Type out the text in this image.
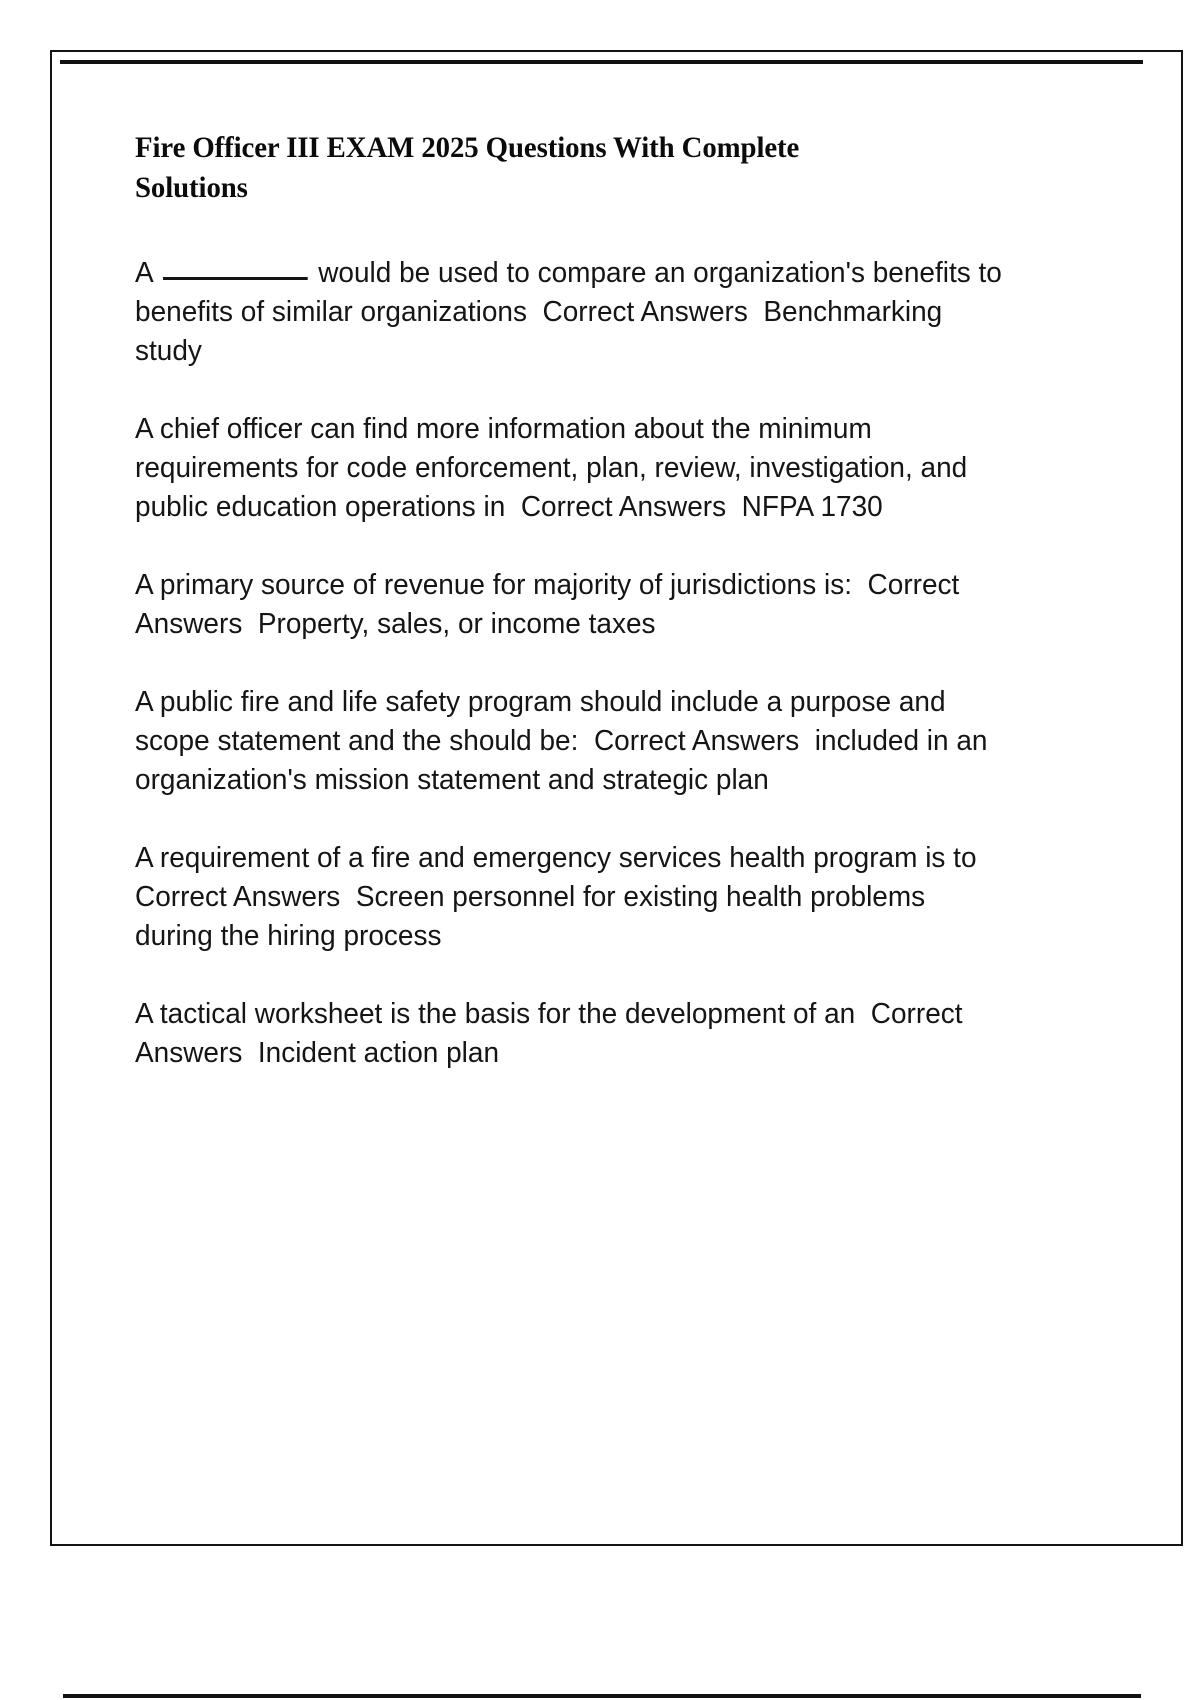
Fire Officer III EXAM 2025 Questions With Complete Solutions

A	would be used to compare an organization's benefits to benefits of similar organizations  Correct Answers  Benchmarking study

A chief officer can find more information about the minimum requirements for code enforcement, plan, review, investigation, and public education operations in  Correct Answers  NFPA 1730

A primary source of revenue for majority of jurisdictions is:  Correct Answers  Property, sales, or income taxes

A public fire and life safety program should include a purpose and scope statement and the should be:  Correct Answers  included in an organization's mission statement and strategic plan

A requirement of a fire and emergency services health program is to  Correct Answers  Screen personnel for existing health problems during the hiring process

A tactical worksheet is the basis for the development of an  Correct Answers  Incident action plan
